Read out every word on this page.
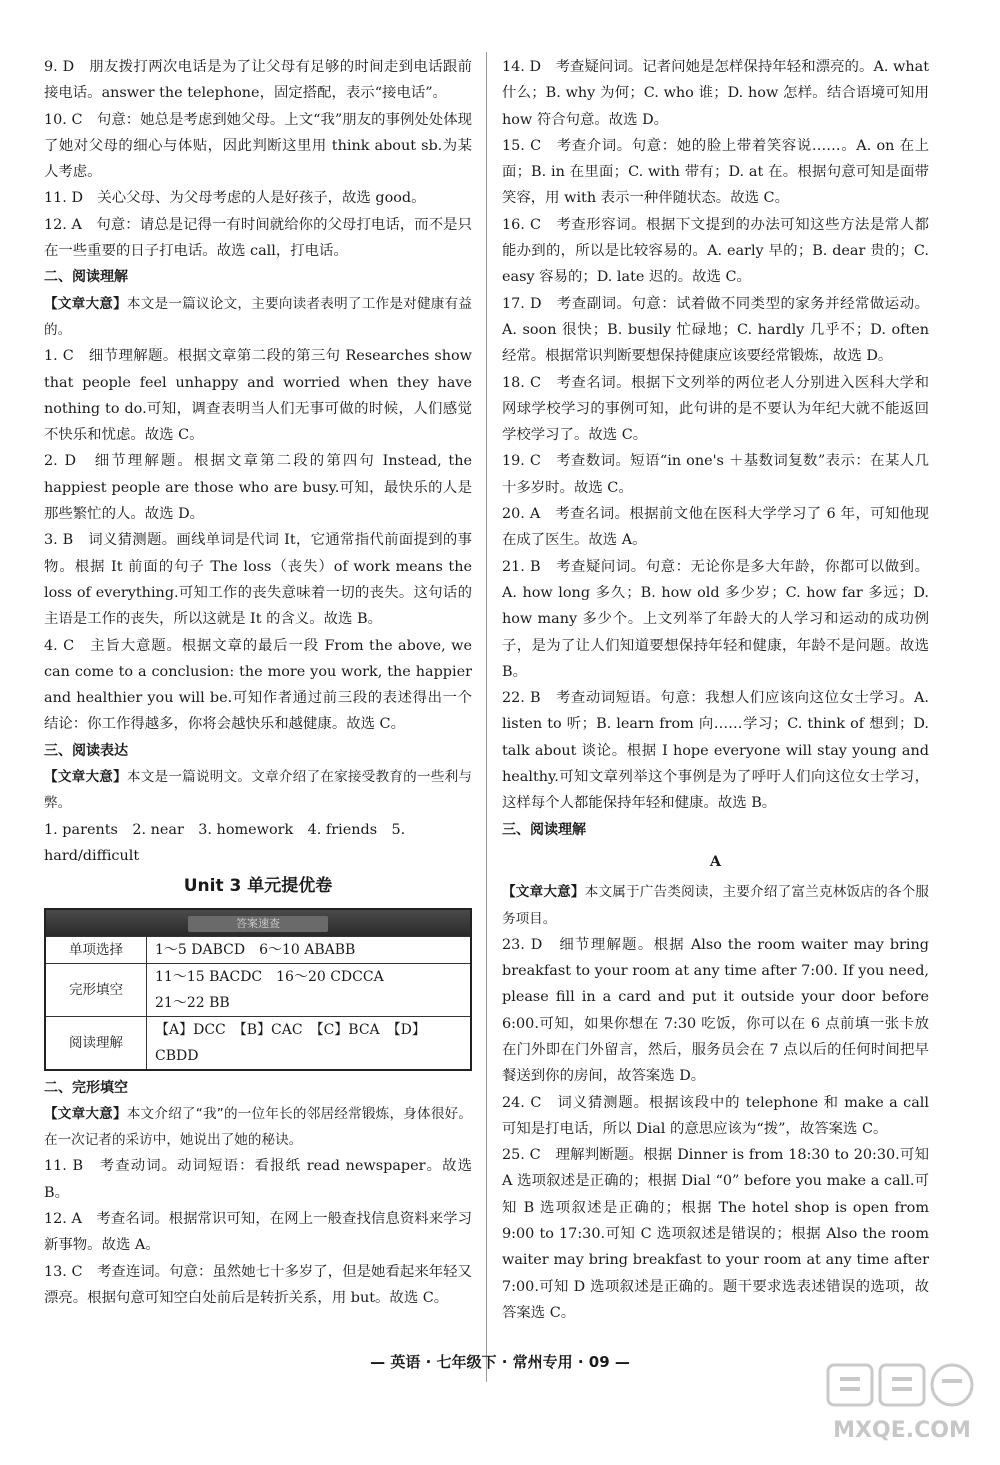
9. D　朋友拨打两次电话是为了让父母有足够的时间走到电话跟前接电话。answer the telephone，固定搭配，表示“接电话”。

10. C　句意：她总是考虑到她父母。上文“我”朋友的事例处处体现了她对父母的细心与体贴，因此判断这里用 think about sb.为某人考虑。

11. D　关心父母、为父母考虑的人是好孩子，故选 good。

12. A　句意：请总是记得一有时间就给你的父母打电话，而不是只在一些重要的日子打电话。故选 call，打电话。

二、阅读理解
【文章大意】本文是一篇议论文，主要向读者表明了工作是对健康有益的。

1. C　细节理解题。根据文章第二段的第三句 Researches show that people feel unhappy and worried when they have nothing to do.可知，调查表明当人们无事可做的时候，人们感觉不快乐和忧虑。故选 C。

2. D　细节理解题。根据文章第二段的第四句 Instead, the happiest people are those who are busy.可知，最快乐的人是那些繁忙的人。故选 D。

3. B　词义猜测题。画线单词是代词 It，它通常指代前面提到的事物。根据 It 前面的句子 The loss（丧失）of work means the loss of everything.可知工作的丧失意味着一切的丧失。这句话的主语是工作的丧失，所以这就是 It 的含义。故选 B。

4. C　主旨大意题。根据文章的最后一段 From the above, we can come to a conclusion: the more you work, the happier and healthier you will be.可知作者通过前三段的表述得出一个结论：你工作得越多，你将会越快乐和越健康。故选 C。

三、阅读表达
【文章大意】本文是一篇说明文。文章介绍了在家接受教育的一些利与弊。
1. parents　2. near　3. homework　4. friends　5. hard/difficult
Unit 3 单元提优卷
答案速查	
单项选择	1～5 DABCD　6～10 ABABB

完形填空	11～15 BACDC　16～20 CDCCA
21～22 BB

阅读理解	【A】DCC　【B】CAC　【C】BCA　【D】CBDD
二、完形填空
【文章大意】本文介绍了“我”的一位年长的邻居经常锻炼，身体很好。在一次记者的采访中，她说出了她的秘诀。

11. B　考查动词。动词短语：看报纸 read newspaper。故选 B。

12. A　考查名词。根据常识可知，在网上一般查找信息资料来学习新事物。故选 A。

13. C　考查连词。句意：虽然她七十多岁了，但是她看起来年轻又漂亮。根据句意可知空白处前后是转折关系，用 but。故选 C。

14. D　考查疑问词。记者问她是怎样保持年轻和漂亮的。A. what 什么；B. why 为何；C. who 谁；D. how 怎样。结合语境可知用 how 符合句意。故选 D。

15. C　考查介词。句意：她的脸上带着笑容说……。A. on 在上面；B. in 在里面；C. with 带有；D. at 在。根据句意可知是面带笑容，用 with 表示一种伴随状态。故选 C。

16. C　考查形容词。根据下文提到的办法可知这些方法是常人都能办到的，所以是比较容易的。A. early 早的；B. dear 贵的；C. easy 容易的；D. late 迟的。故选 C。

17. D　考查副词。句意：试着做不同类型的家务并经常做运动。A. soon 很快；B. busily 忙碌地；C. hardly 几乎不；D. often 经常。根据常识判断要想保持健康应该要经常锻炼，故选 D。

18. C　考查名词。根据下文列举的两位老人分别进入医科大学和网球学校学习的事例可知，此句讲的是不要认为年纪大就不能返回学校学习了。故选 C。

19. C　考查数词。短语“in one's ＋基数词复数”表示：在某人几十多岁时。故选 C。

20. A　考查名词。根据前文他在医科大学学习了 6 年，可知他现在成了医生。故选 A。

21. B　考查疑问词。句意：无论你是多大年龄，你都可以做到。A. how long 多久；B. how old 多少岁；C. how far 多远；D. how many 多少个。上文列举了年龄大的人学习和运动的成功例子，是为了让人们知道要想保持年轻和健康，年龄不是问题。故选 B。

22. B　考查动词短语。句意：我想人们应该向这位女士学习。A. listen to 听；B. learn from 向……学习；C. think of 想到；D. talk about 谈论。根据 I hope everyone will stay young and healthy.可知文章列举这个事例是为了呼吁人们向这位女士学习，这样每个人都能保持年轻和健康。故选 B。

三、阅读理解
A
【文章大意】本文属于广告类阅读，主要介绍了富兰克林饭店的各个服务项目。

23. D　细节理解题。根据 Also the room waiter may bring breakfast to your room at any time after 7:00. If you need, please fill in a card and put it outside your door before 6:00.可知，如果你想在 7:30 吃饭，你可以在 6 点前填一张卡放在门外即在门外留言，然后，服务员会在 7 点以后的任何时间把早餐送到你的房间，故答案选 D。

24. C　词义猜测题。根据该段中的 telephone 和 make a call 可知是打电话，所以 Dial 的意思应该为“拨”，故答案选 C。

25. C　理解判断题。根据 Dinner is from 18:30 to 20:30.可知 A 选项叙述是正确的；根据 Dial “0” before you make a call.可知 B 选项叙述是正确的；根据 The hotel shop is open from 9:00 to 17:30.可知 C 选项叙述是错误的；根据 Also the room waiter may bring breakfast to your room at any time after 7:00.可知 D 选项叙述是正确的。题干要求选表述错误的选项，故答案选 C。

— 英语 · 七年级下 · 常州专用 · 09 —
MXQE.COM
